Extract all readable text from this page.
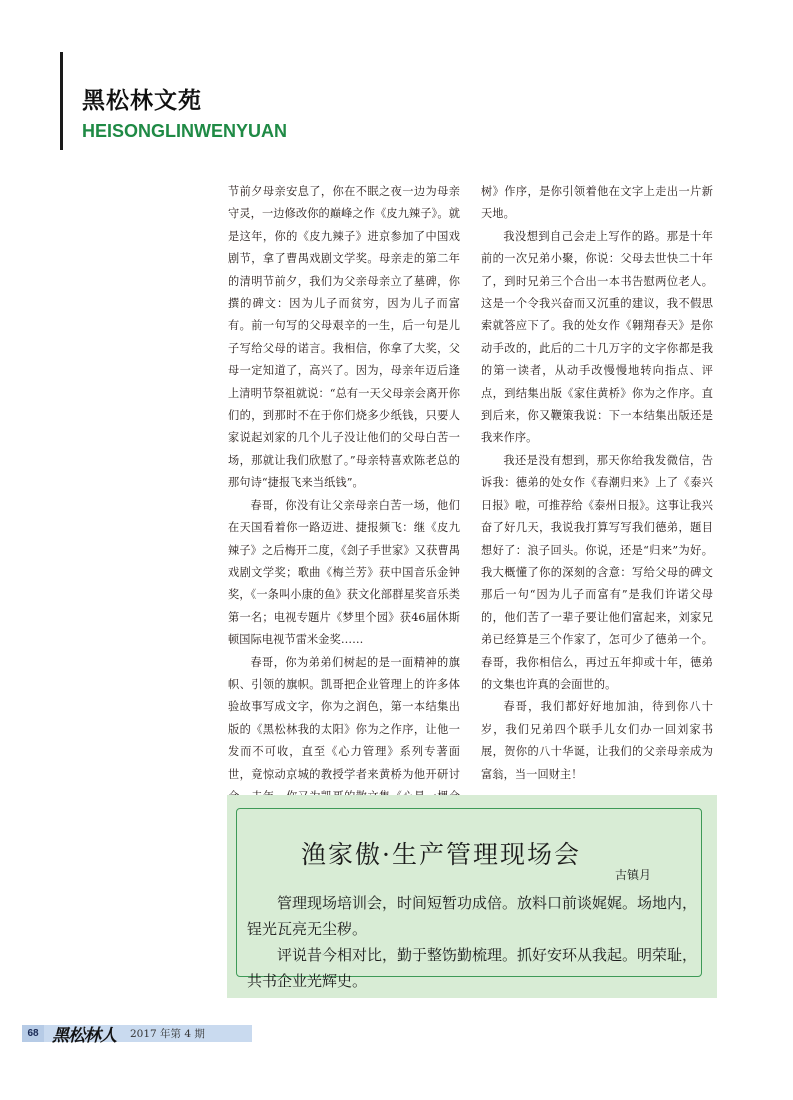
黑松林文苑
HEISONGLINWENYUAN

节前夕母亲安息了，你在不眠之夜一边为母亲守灵，一边修改你的巅峰之作《皮九辣子》。就是这年，你的《皮九辣子》进京参加了中国戏剧节，拿了曹禺戏剧文学奖。母亲走的第二年的清明节前夕，我们为父亲母亲立了墓碑，你撰的碑文：因为儿子而贫穷，因为儿子而富有。前一句写的父母艰辛的一生，后一句是儿子写给父母的诺言。我相信，你拿了大奖，父母一定知道了，高兴了。因为，母亲年迈后逢上清明节祭祖就说：“总有一天父母亲会离开你们的，到那时不在于你们烧多少纸钱，只要人家说起刘家的几个儿子没让他们的父母白苦一场，那就让我们欣慰了。”母亲特喜欢陈老总的那句诗“捷报飞来当纸钱”。

春哥，你没有让父亲母亲白苦一场，他们在天国看着你一路迈进、捷报频飞：继《皮九辣子》之后梅开二度，《刽子手世家》又获曹禺戏剧文学奖；歌曲《梅兰芳》获中国音乐金钟奖，《一条叫小康的鱼》获文化部群星奖音乐类第一名；电视专题片《梦里个园》获46届休斯顿国际电视节雷米金奖……

春哥，你为弟弟们树起的是一面精神的旗帜、引领的旗帜。凯哥把企业管理上的许多体验故事写成文字，你为之润色，第一本结集出版的《黑松林我的太阳》你为之作序，让他一发而不可收，直至《心力管理》系列专著面世，竟惊动京城的教授学者来黄桥为他开研讨

树》作序，是你引领着他在文字上走出一片新天地。

我没想到自己会走上写作的路。那是十年前的一次兄弟小聚，你说：父母去世快二十年了，到时兄弟三个合出一本书告慰两位老人。这是一个令我兴奋而又沉重的建议，我不假思索就答应下了。我的处女作《翱翔春天》是你动手改的，此后的二十几万字的文字你都是我的第一读者，从动手改慢慢地转向指点、评点，到结集出版《家住黄桥》你为之作序。直到后来，你又鞭策我说：下一本结集出版还是我来作序。

我还是没有想到，那天你给我发微信，告诉我：德弟的处女作《春潮归来》上了《泰兴日报》啦，可推荐给《泰州日报》。这事让我兴奋了好几天，我说我打算写写我们德弟，题目想好了：浪子回头。你说，还是“归来”为好。我大概懂了你的深刻的含意：写给父母的碑文那后一句“因为儿子而富有”是我们许诺父母的，他们苦了一辈子要让他们富起来，刘家兄弟已经算是三个作家了，怎可少了德弟一个。春哥，我你相信么，再过五年抑或十年，德弟的文集也许真的会面世的。

春哥，我们都好好地加油，待到你八十岁，我们兄弟四个联手儿女们办一回刘家书展，贺你的八十华诞，让我们的父亲母亲成为富翁，当一回财主！

渔家傲·生产管理现场会
古镇月

管理现场培训会，时间短暂功成倍。放料口前谈娓娓。场地内，锃光瓦亮无尘秽。

评说昔今相对比，勤于整饬勤梳理。抓好安环从我起。明荣耻，共书企业光辉史。

68 黑松林人 2017 年第 4 期
